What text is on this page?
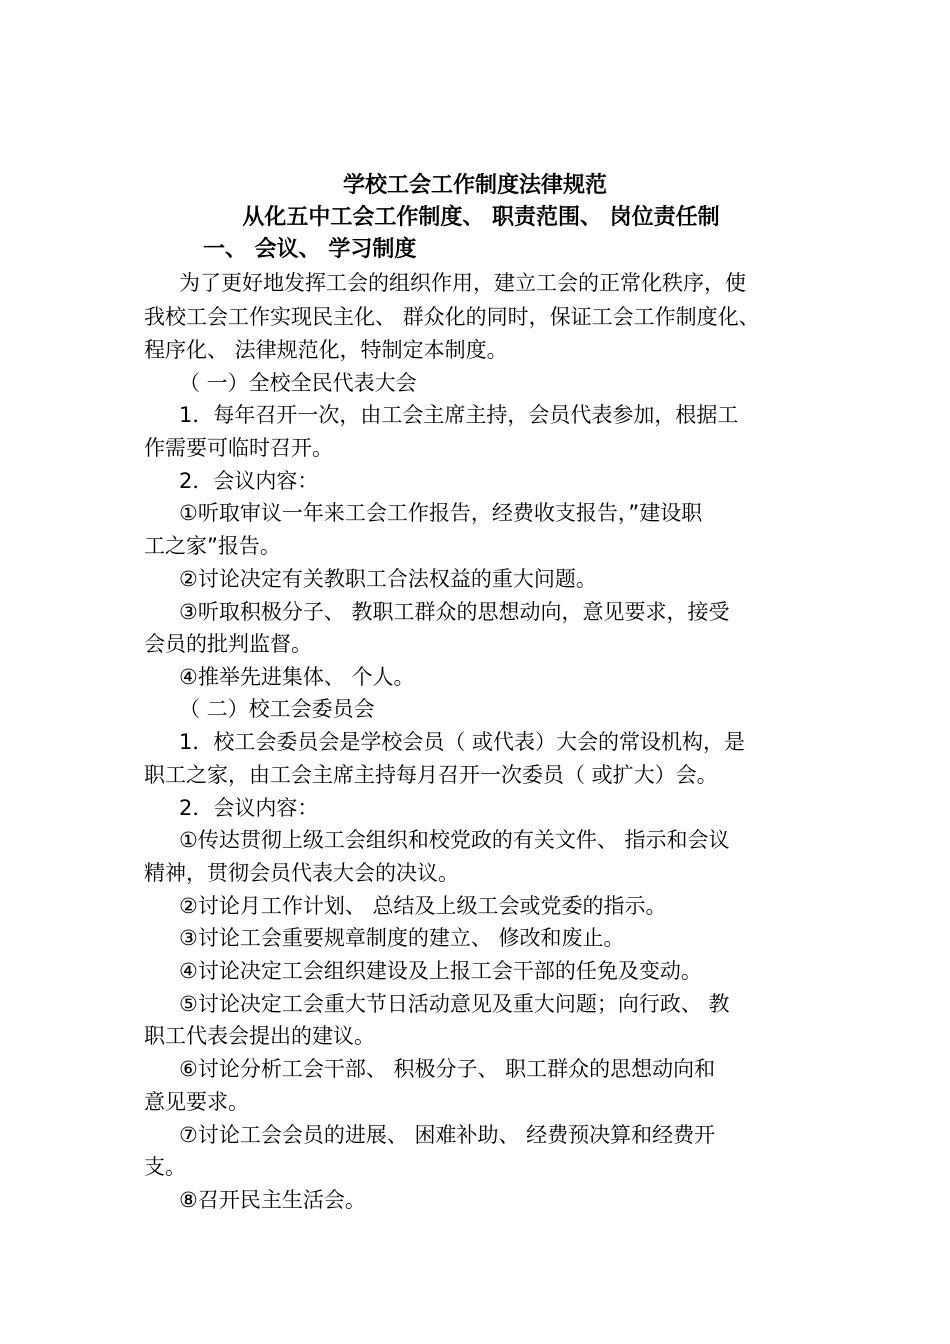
学校工会工作制度法律规范
从化五中工会工作制度、 职责范围、 岗位责任制
一、 会议、 学习制度
为了更好地发挥工会的组织作用，建立工会的正常化秩序，使
我校工会工作实现民主化、 群众化的同时，保证工会工作制度化、
程序化、 法律规范化，特制定本制度。
（ 一）全校全民代表大会
1．每年召开一次，由工会主席主持，会员代表参加，根据工
作需要可临时召开。
2．会议内容：
①听取审议一年来工会工作报告，经费收支报告，”建设职
工之家”报告。
②讨论决定有关教职工合法权益的重大问题。
③听取积极分子、 教职工群众的思想动向，意见要求，接受
会员的批判监督。
④推举先进集体、 个人。
（ 二）校工会委员会
1．校工会委员会是学校会员（ 或代表）大会的常设机构，是
职工之家，由工会主席主持每月召开一次委员（ 或扩大）会。
2．会议内容：
①传达贯彻上级工会组织和校党政的有关文件、 指示和会议
精神，贯彻会员代表大会的决议。
②讨论月工作计划、 总结及上级工会或党委的指示。
③讨论工会重要规章制度的建立、 修改和废止。
④讨论决定工会组织建设及上报工会干部的任免及变动。
⑤讨论决定工会重大节日活动意见及重大问题；向行政、 教
职工代表会提出的建议。
⑥讨论分析工会干部、 积极分子、 职工群众的思想动向和
意见要求。
⑦讨论工会会员的进展、 困难补助、 经费预决算和经费开
支。
⑧召开民主生活会。
